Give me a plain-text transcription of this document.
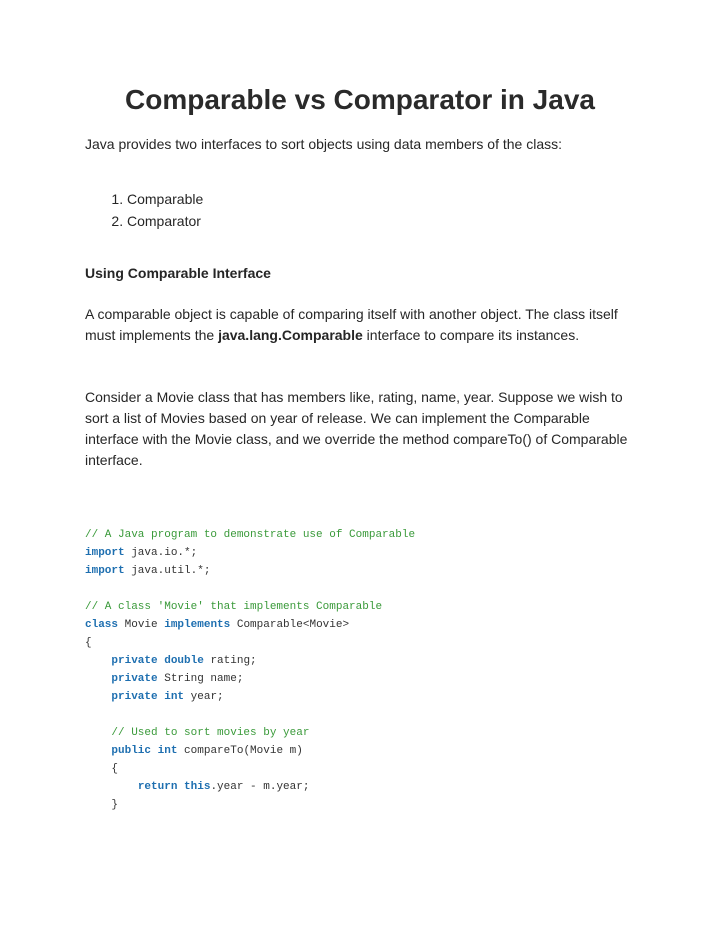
Comparable vs Comparator in Java

Java provides two interfaces to sort objects using data members of the class:

1. Comparable
2. Comparator
Using Comparable Interface

A comparable object is capable of comparing itself with another object. The class itself must implements the java.lang.Comparable interface to compare its instances.

Consider a Movie class that has members like, rating, name, year. Suppose we wish to sort a list of Movies based on year of release. We can implement the Comparable interface with the Movie class, and we override the method compareTo() of Comparable interface.

// A Java program to demonstrate use of Comparable
import java.io.*;
import java.util.*;
// A class 'Movie' that implements Comparable
class Movie implements Comparable<Movie>
{
private double rating;
private String name;
private int year;
// Used to sort movies by year
public int compareTo(Movie m)
{
return this.year - m.year;
}
